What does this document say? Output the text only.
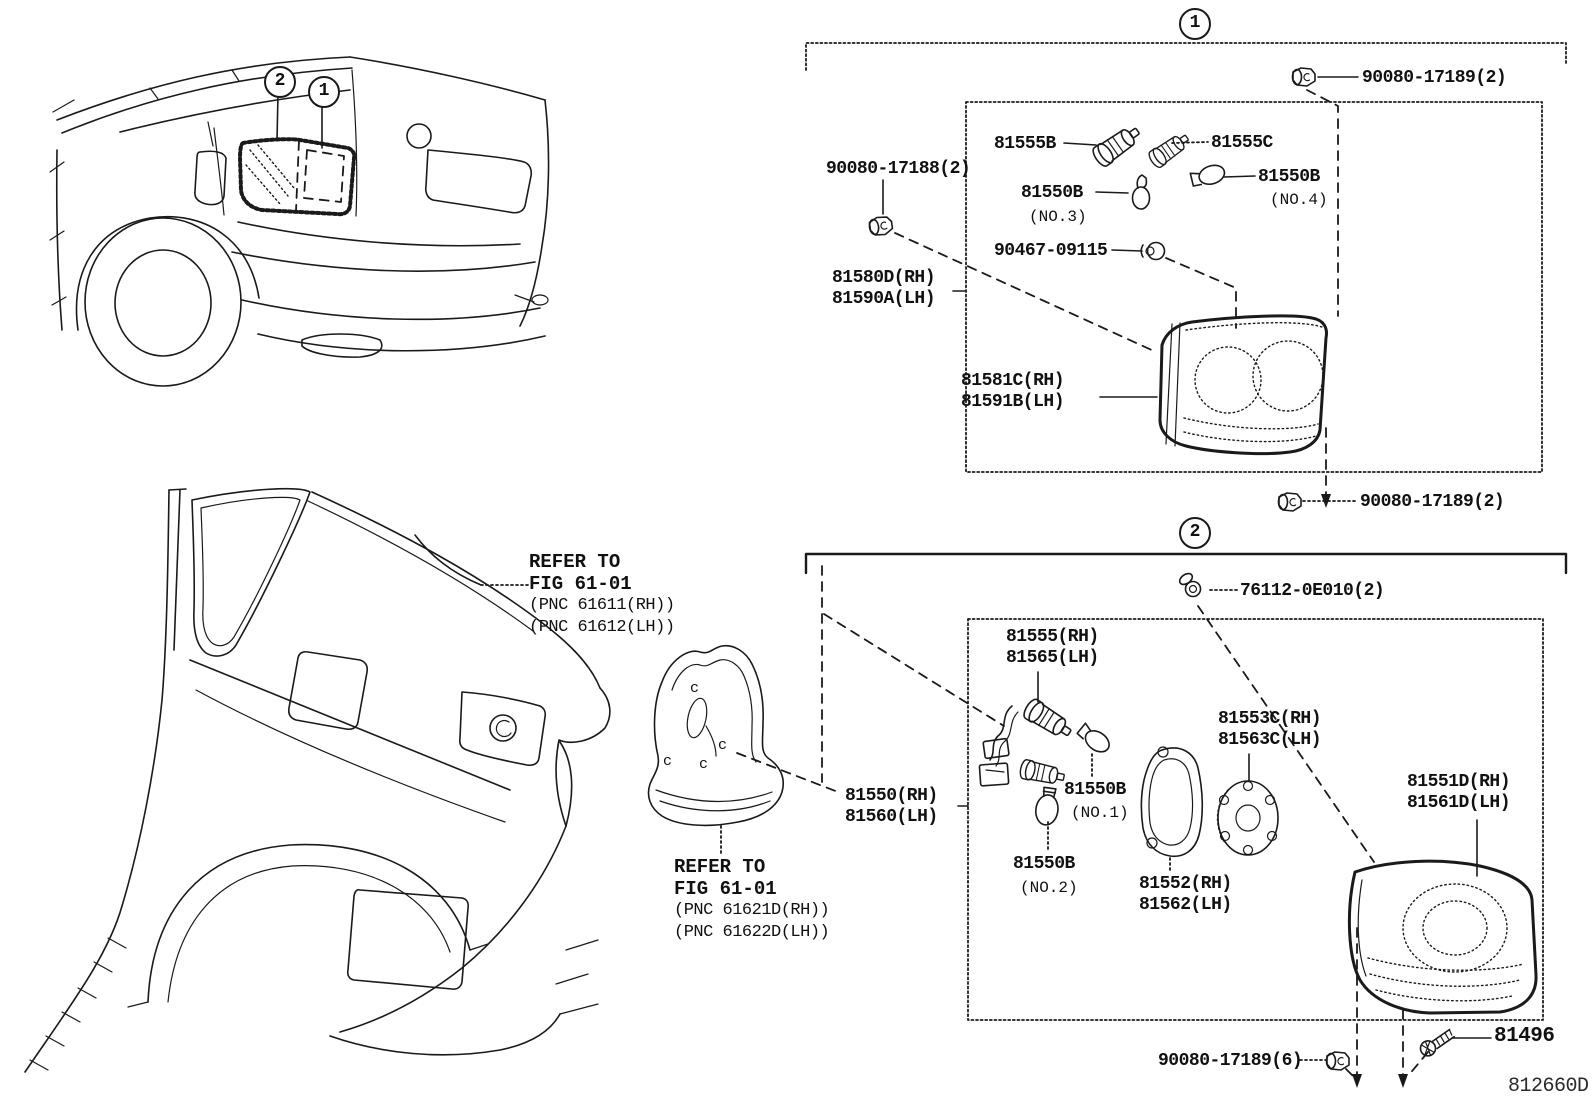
2	1
1
2
REFER TO
FIG 61-01
(PNC 61611(RH))
(PNC 61612(LH))
REFER TO
FIG 61-01
(PNC 61621D(RH))
(PNC 61622D(LH))
c
c
c c
90080-17189(2)
81555B	81555C
81550B
(NO.4)
81550B
(NO.3)
90080-17188(2)
90467-09115
81580D(RH)
81590A(LH)
81581C(RH)
81591B(LH)
90080-17189(2)
76112-0E010(2)
81555(RH)
81565(LH)
81553C(RH)
81563C(LH)
81550(RH)
81560(LH)
81550B
(NO.1)
81550B
(NO.2)	81552(RH)
81562(LH)
81551D(RH)
81561D(LH)
81496
90080-17189(6)
812660D
